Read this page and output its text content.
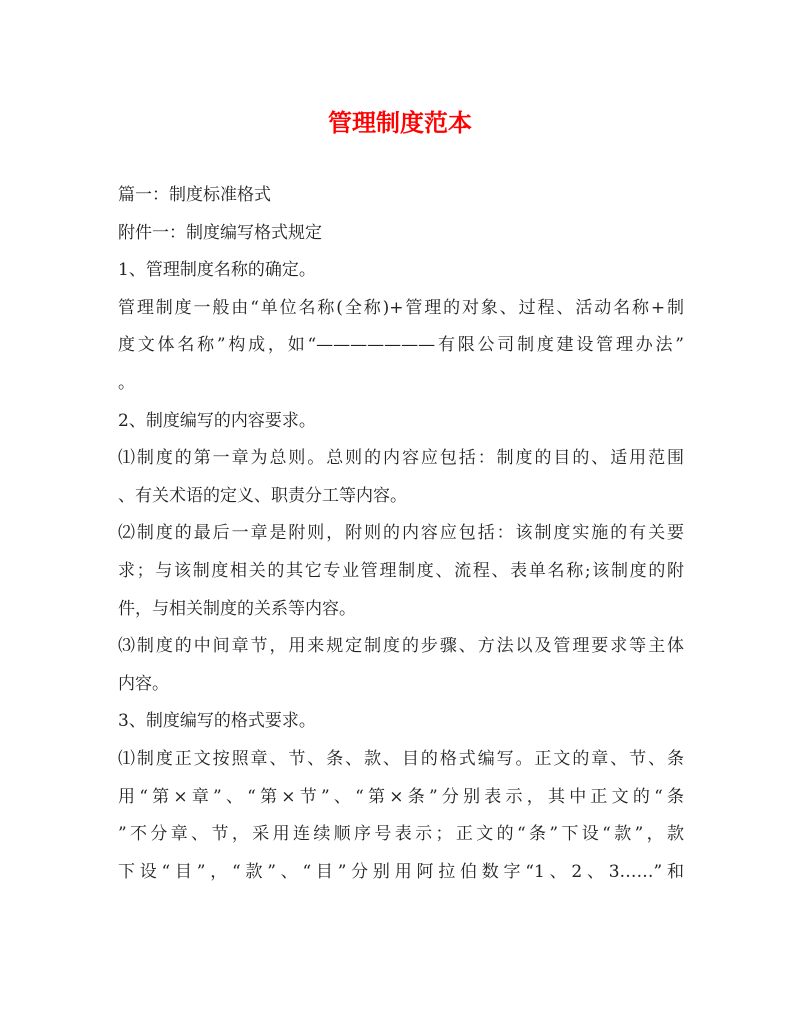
管理制度范本
篇一：制度标准格式
附件一：制度编写格式规定
1、管理制度名称的确定。
管理制度一般由“单位名称(全称)+管理的对象、过程、活动名称+制
度文体名称”构成，如“———————有限公司制度建设管理办法”
。
2、制度编写的内容要求。
⑴制度的第一章为总则。总则的内容应包括：制度的目的、适用范围
、有关术语的定义、职责分工等内容。
⑵制度的最后一章是附则，附则的内容应包括：该制度实施的有关要
求；与该制度相关的其它专业管理制度、流程、表单名称;该制度的附
件，与相关制度的关系等内容。
⑶制度的中间章节，用来规定制度的步骤、方法以及管理要求等主体
内容。
3、制度编写的格式要求。
⑴制度正文按照章、节、条、款、目的格式编写。正文的章、节、条
用“第×章”、“第×节”、“第×条”分别表示，其中正文的“条
”不分章、节，采用连续顺序号表示；正文的“条”下设“款”，款
下设“目”，“款”、“目”分别用阿拉伯数字“1、2、3……”和
